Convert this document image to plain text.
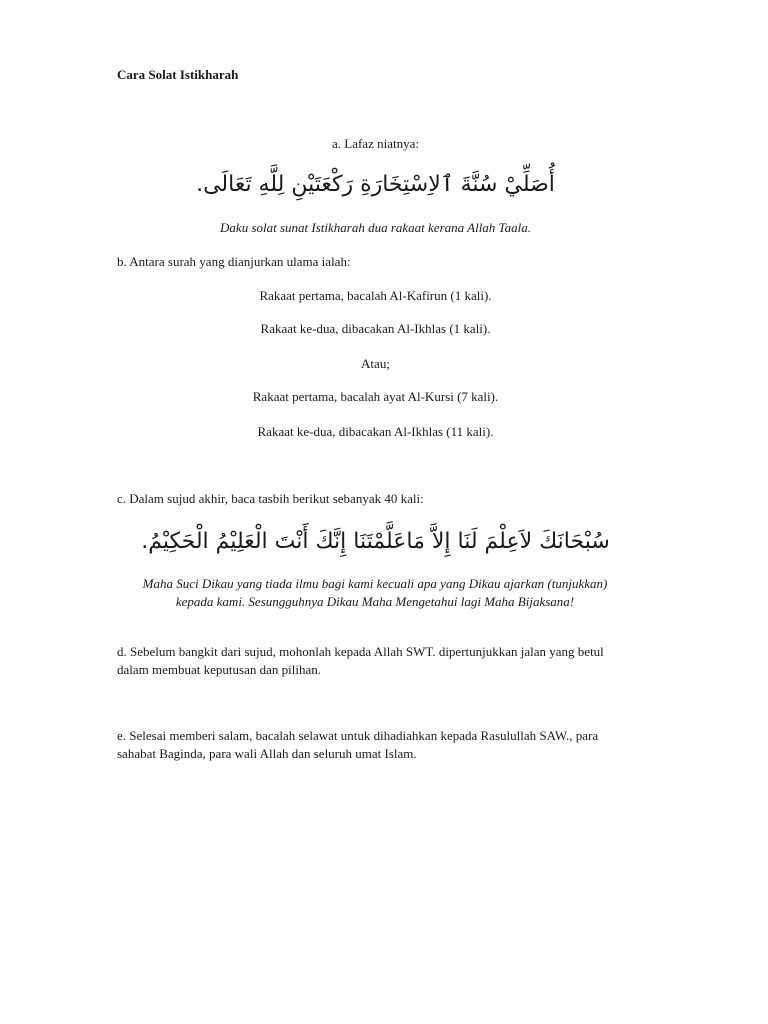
Cara Solat Istikharah

a. Lafaz niatnya:

أُصَلِّيْ سُنَّةَ ٱلاِسْتِخَارَةِ رَكْعَتَيْنِ لِلَّهِ تَعَالَى.

Daku solat sunat Istikharah dua rakaat kerana Allah Taala.

b. Antara surah yang dianjurkan ulama ialah:

Rakaat pertama, bacalah Al-Kafirun (1 kali).

Rakaat ke-dua, dibacakan Al-Ikhlas (1 kali).

Atau;

Rakaat pertama, bacalah ayat Al-Kursi (7 kali).

Rakaat ke-dua, dibacakan Al-Ikhlas (11 kali).

c. Dalam sujud akhir, baca tasbih berikut sebanyak 40 kali:

سُبْحَانَكَ لاَعِلْمَ لَنَا إِلاَّ مَاعَلَّمْتَنَا إِنَّكَ أَنْتَ الْعَلِيْمُ الْحَكِيْمُ.

Maha Suci Dikau yang tiada ilmu bagi kami kecuali apa yang Dikau ajarkan (tunjukkan) kepada kami. Sesungguhnya Dikau Maha Mengetahui lagi Maha Bijaksana!

d. Sebelum bangkit dari sujud, mohonlah kepada Allah SWT. dipertunjukkan jalan yang betul dalam membuat keputusan dan pilihan.

e. Selesai memberi salam, bacalah selawat untuk dihadiahkan kepada Rasulullah SAW., para sahabat Baginda, para wali Allah dan seluruh umat Islam.
